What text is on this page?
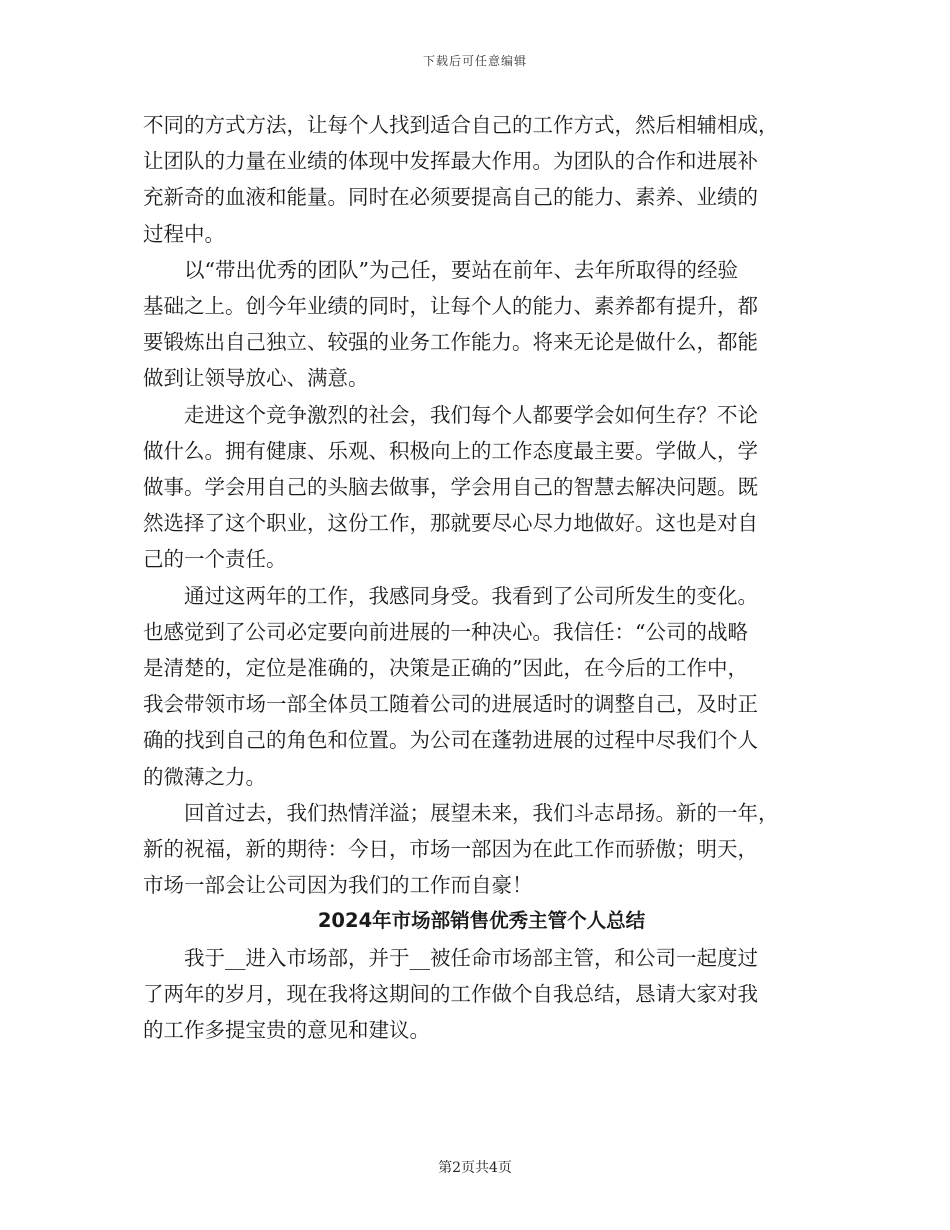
下载后可任意编辑

不同的方式方法，让每个人找到适合自己的工作方式，然后相辅相成，
让团队的力量在业绩的体现中发挥最大作用。为团队的合作和进展补
充新奇的血液和能量。同时在必须要提高自己的能力、素养、业绩的
过程中。

　　以“带出优秀的团队”为己任，要站在前年、去年所取得的经验
基础之上。创今年业绩的同时，让每个人的能力、素养都有提升，都
要锻炼出自己独立、较强的业务工作能力。将来无论是做什么，都能
做到让领导放心、满意。

　　走进这个竞争激烈的社会，我们每个人都要学会如何生存？不论
做什么。拥有健康、乐观、积极向上的工作态度最主要。学做人，学
做事。学会用自己的头脑去做事，学会用自己的智慧去解决问题。既
然选择了这个职业，这份工作，那就要尽心尽力地做好。这也是对自
己的一个责任。

　　通过这两年的工作，我感同身受。我看到了公司所发生的变化。
也感觉到了公司必定要向前进展的一种决心。我信任：“公司的战略
是清楚的，定位是准确的，决策是正确的”因此，在今后的工作中，
我会带领市场一部全体员工随着公司的进展适时的调整自己，及时正
确的找到自己的角色和位置。为公司在蓬勃进展的过程中尽我们个人
的微薄之力。

　　回首过去，我们热情洋溢；展望未来，我们斗志昂扬。新的一年，
新的祝福，新的期待：今日，市场一部因为在此工作而骄傲；明天，
市场一部会让公司因为我们的工作而自豪！

2024年市场部销售优秀主管个人总结

　　我于__进入市场部，并于__被任命市场部主管，和公司一起度过
了两年的岁月，现在我将这期间的工作做个自我总结，恳请大家对我
的工作多提宝贵的意见和建议。

第2页共4页
